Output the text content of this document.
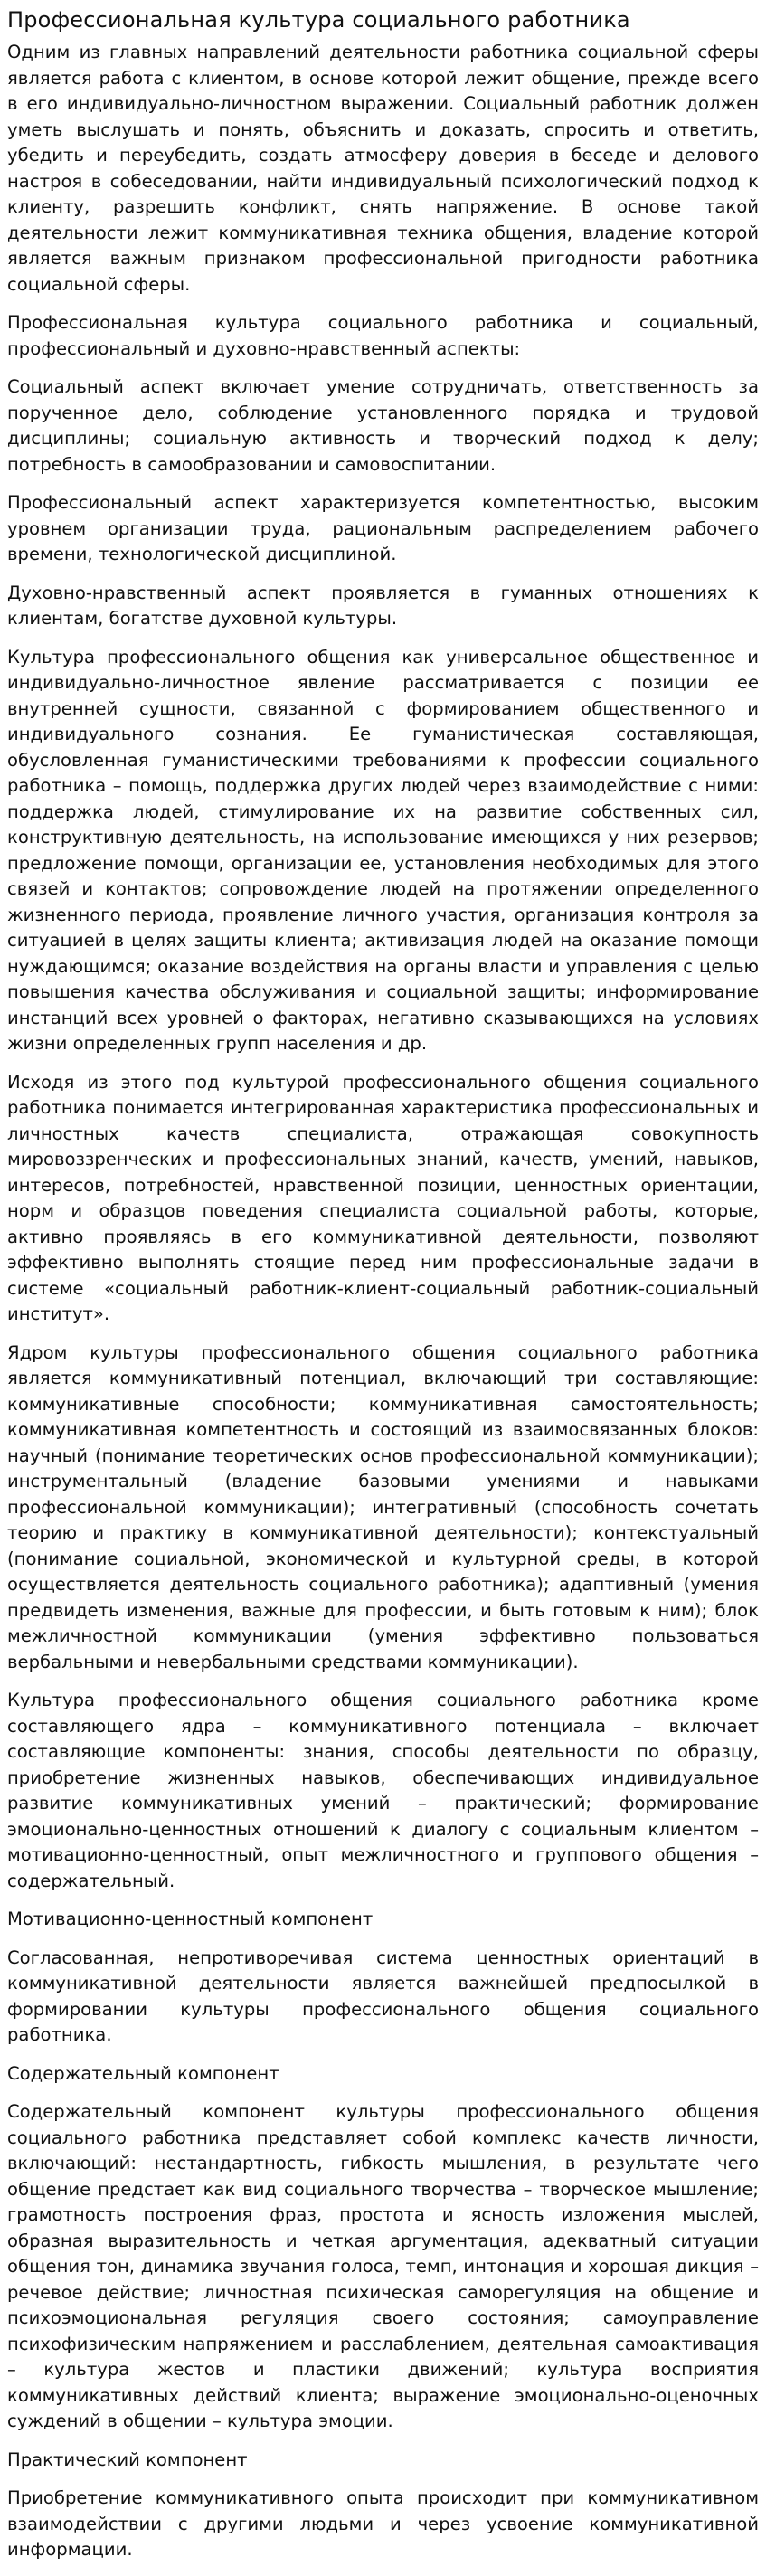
Профессиональная культура социального работника

Одним из главных направлений деятельности работника социальной сферы является работа с клиентом, в основе которой лежит общение, прежде всего в его индивидуально-личностном выражении. Социальный работник должен уметь выслушать и понять, объяснить и доказать, спросить и ответить, убедить и переубедить, создать атмосферу доверия в беседе и делового настроя в собеседовании, найти индивидуальный психологический подход к клиенту, разрешить конфликт, снять напряжение. В основе такой деятельности лежит коммуникативная техника общения, владение которой является важным признаком профессиональной пригодности работника социальной сферы.

Профессиональная культура социального работника и социальный, профессиональный и духовно-нравственный аспекты:

Социальный аспект включает умение сотрудничать, ответственность за порученное дело, соблюдение установленного порядка и трудовой дисциплины; социальную активность и творческий подход к делу; потребность в самообразовании и самовоспитании.

Профессиональный аспект характеризуется компетентностью, высоким уровнем организации труда, рациональным распределением рабочего времени, технологической дисциплиной.

Духовно-нравственный аспект проявляется в гуманных отношениях к клиентам, богатстве духовной культуры.

Культура профессионального общения как универсальное общественное и индивидуально-личностное явление рассматривается с позиции ее внутренней сущности, связанной с формированием общественного и индивидуального сознания. Ее гуманистическая составляющая, обусловленная гуманистическими требованиями к профессии социального работника – помощь, поддержка других людей через взаимодействие с ними: поддержка людей, стимулирование их на развитие собственных сил, конструктивную деятельность, на использование имеющихся у них резервов; предложение помощи, организации ее, установления необходимых для этого связей и контактов; сопровождение людей на протяжении определенного жизненного периода, проявление личного участия, организация контроля за ситуацией в целях защиты клиента; активизация людей на оказание помощи нуждающимся; оказание воздействия на органы власти и управления с целью повышения качества обслуживания и социальной защиты; информирование инстанций всех уровней о факторах, негативно сказывающихся на условиях жизни определенных групп населения и др.

Исходя из этого под культурой профессионального общения социального работника понимается интегрированная характеристика профессиональных и личностных качеств специалиста, отражающая совокупность мировоззренческих и профессиональных знаний, качеств, умений, навыков, интересов, потребностей, нравственной позиции, ценностных ориентации, норм и образцов поведения специалиста социальной работы, которые, активно проявляясь в его коммуникативной деятельности, позволяют эффективно выполнять стоящие перед ним профессиональные задачи в системе «социальный работник-клиент-социальный работник-социальный институт».

Ядром культуры профессионального общения социального работника является коммуникативный потенциал, включающий три составляющие: коммуникативные способности; коммуникативная самостоятельность; коммуникативная компетентность и состоящий из взаимосвязанных блоков: научный (понимание теоретических основ профессиональной коммуникации); инструментальный (владение базовыми умениями и навыками профессиональной коммуникации); интегративный (способность сочетать теорию и практику в коммуникативной деятельности); контекстуальный (понимание социальной, экономической и культурной среды, в которой осуществляется деятельность социального работника); адаптивный (умения предвидеть изменения, важные для профессии, и быть готовым к ним); блок межличностной коммуникации (умения эффективно пользоваться вербальными и невербальными средствами коммуникации).

Культура профессионального общения социального работника кроме составляющего ядра – коммуникативного потенциала – включает составляющие компоненты: знания, способы деятельности по образцу, приобретение жизненных навыков, обеспечивающих индивидуальное развитие коммуникативных умений – практический; формирование эмоционально-ценностных отношений к диалогу с социальным клиентом – мотивационно-ценностный, опыт межличностного и группового общения –содержательный.

Мотивационно-ценностный компонент

Согласованная, непротиворечивая система ценностных ориентаций в коммуникативной деятельности является важнейшей предпосылкой в формировании культуры профессионального общения социального работника.

Содержательный компонент

Содержательный компонент культуры профессионального общения социального работника представляет собой комплекс качеств личности, включающий: нестандартность, гибкость мышления, в результате чего общение предстает как вид социального творчества – творческое мышление; грамотность построения фраз, простота и ясность изложения мыслей, образная выразительность и четкая аргументация, адекватный ситуации общения тон, динамика звучания голоса, темп, интонация и хорошая дикция – речевое действие; личностная психическая саморегуляция на общение и психоэмоциональная регуляция своего состояния; самоуправление психофизическим напряжением и расслаблением, деятельная самоактивация – культура жестов и пластики движений; культура восприятия коммуникативных действий клиента; выражение эмоционально-оценочных суждений в общении – культура эмоции.

Практический компонент

Приобретение коммуникативного опыта происходит при коммуникативном взаимодействии с другими людьми и через усвоение коммуникативной информации.
